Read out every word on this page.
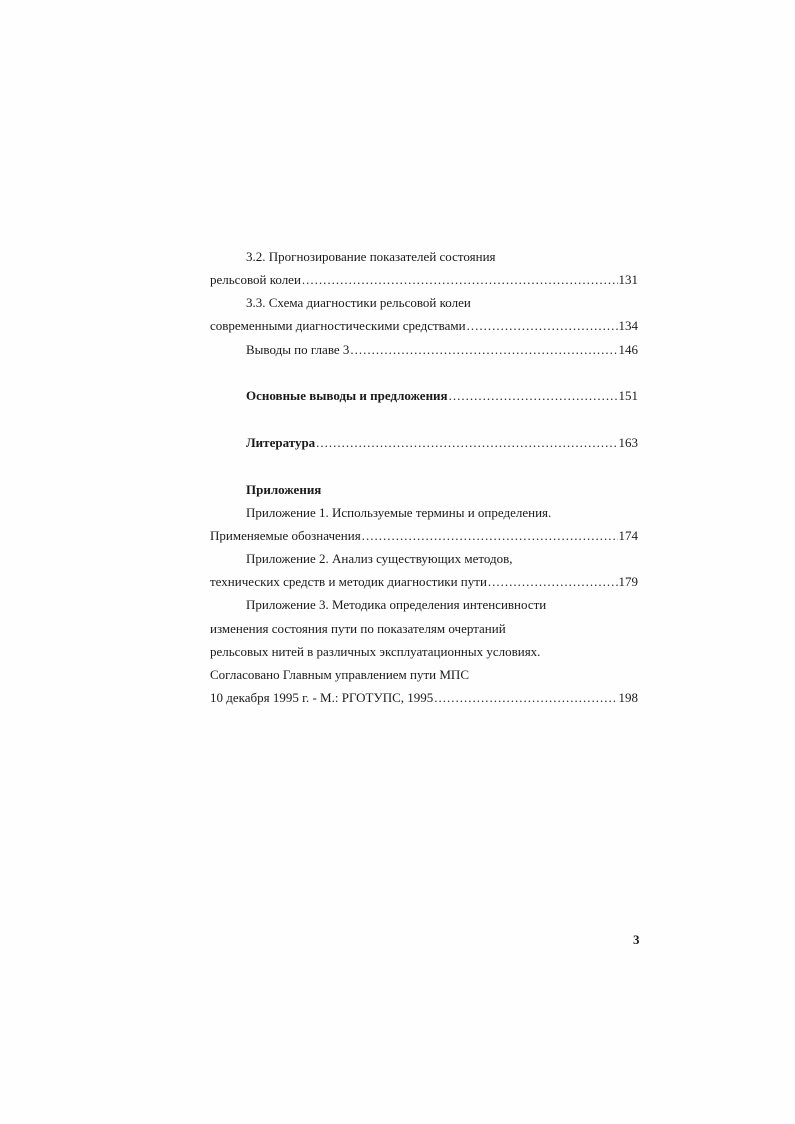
3.2. Прогнозирование показателей состояния
рельсовой колеи .....	131
3.3. Схема диагностики рельсовой колеи
современными диагностическими средствами .....	134
Выводы по главе 3 .....	146
Основные выводы и предложения .....	151
Литература .....	163
Приложения
Приложение 1. Используемые термины и определения.
Применяемые обозначения .....	174
Приложение 2. Анализ существующих методов,
технических средств и методик диагностики пути .....	179
Приложение 3. Методика определения интенсивности
изменения состояния пути по показателям очертаний
рельсовых нитей в различных эксплуатационных условиях.
Согласовано Главным управлением пути МПС
10 декабря 1995 г. - М.: РГОТУПС, 1995 .....	198
3
